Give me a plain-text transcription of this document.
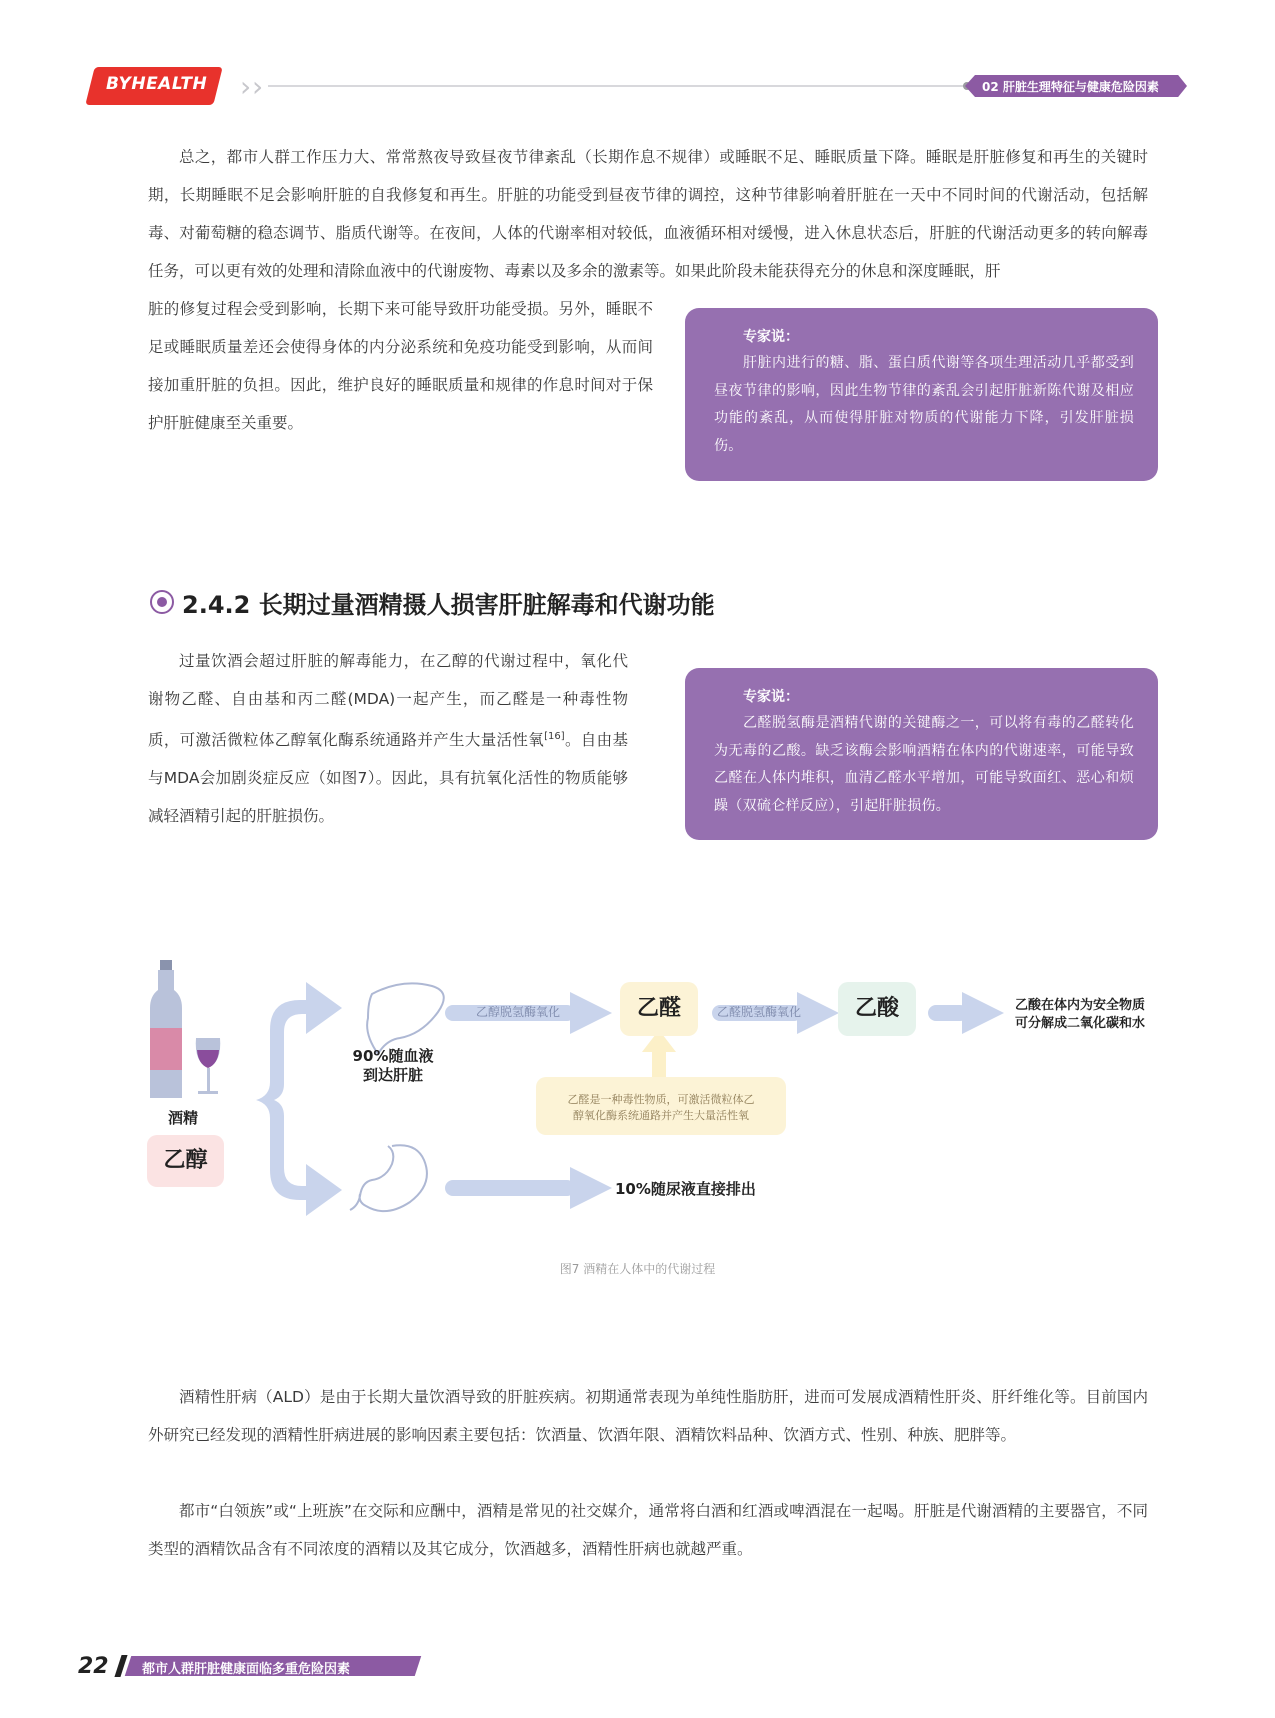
BYHEALTH › ›	02 肝脏生理特征与健康危险因素

总之，都市人群工作压力大、常常熬夜导致昼夜节律紊乱（长期作息不规律）或睡眠不足、睡眠质量下降。睡眠是肝脏修复和再生的关键时期，长期睡眠不足会影响肝脏的自我修复和再生。肝脏的功能受到昼夜节律的调控，这种节律影响着肝脏在一天中不同时间的代谢活动，包括解毒、对葡萄糖的稳态调节、脂质代谢等。在夜间，人体的代谢率相对较低，血液循环相对缓慢，进入休息状态后，肝脏的代谢活动更多的转向解毒任务，可以更有效的处理和清除血液中的代谢废物、毒素以及多余的激素等。如果此阶段未能获得充分的休息和深度睡眠，肝

脏的修复过程会受到影响，长期下来可能导致肝功能受损。另外，睡眠不足或睡眠质量差还会使得身体的内分泌系统和免疫功能受到影响，从而间接加重肝脏的负担。因此，维护良好的睡眠质量和规律的作息时间对于保护肝脏健康至关重要。

专家说：
肝脏内进行的糖、脂、蛋白质代谢等各项生理活动几乎都受到昼夜节律的影响，因此生物节律的紊乱会引起肝脏新陈代谢及相应功能的紊乱，从而使得肝脏对物质的代谢能力下降，引发肝脏损伤。
2.4.2 长期过量酒精摄人损害肝脏解毒和代谢功能

过量饮酒会超过肝脏的解毒能力，在乙醇的代谢过程中，氧化代谢物乙醛、自由基和丙二醛(MDA)一起产生，而乙醛是一种毒性物质，可激活微粒体乙醇氧化酶系统通路并产生大量活性氧[16]。自由基与MDA会加剧炎症反应（如图7）。因此，具有抗氧化活性的物质能够减轻酒精引起的肝脏损伤。

专家说：
乙醛脱氢酶是酒精代谢的关键酶之一，可以将有毒的乙醛转化为无毒的乙酸。缺乏该酶会影响酒精在体内的代谢速率，可能导致乙醛在人体内堆积，血清乙醛水平增加，可能导致面红、恶心和烦躁（双硫仑样反应），引起肝脏损伤。
酒精
乙醇
90%随血液
到达肝脏
乙醇脱氢酶氧化	乙醛	乙醛脱氢酶氧化	乙酸	乙酸在体内为安全物质
可分解成二氧化碳和水
乙醛是一种毒性物质，可激活微粒体乙
醇氧化酶系统通路并产生大量活性氧
10%随尿液直接排出
图7 酒精在人体中的代谢过程

酒精性肝病（ALD）是由于长期大量饮酒导致的肝脏疾病。初期通常表现为单纯性脂肪肝，进而可发展成酒精性肝炎、肝纤维化等。目前国内外研究已经发现的酒精性肝病进展的影响因素主要包括：饮酒量、饮酒年限、酒精饮料品种、饮酒方式、性别、种族、肥胖等。

都市“白领族”或“上班族”在交际和应酬中，酒精是常见的社交媒介，通常将白酒和红酒或啤酒混在一起喝。肝脏是代谢酒精的主要器官，不同类型的酒精饮品含有不同浓度的酒精以及其它成分，饮酒越多，酒精性肝病也就越严重。

22	都市人群肝脏健康面临多重危险因素
